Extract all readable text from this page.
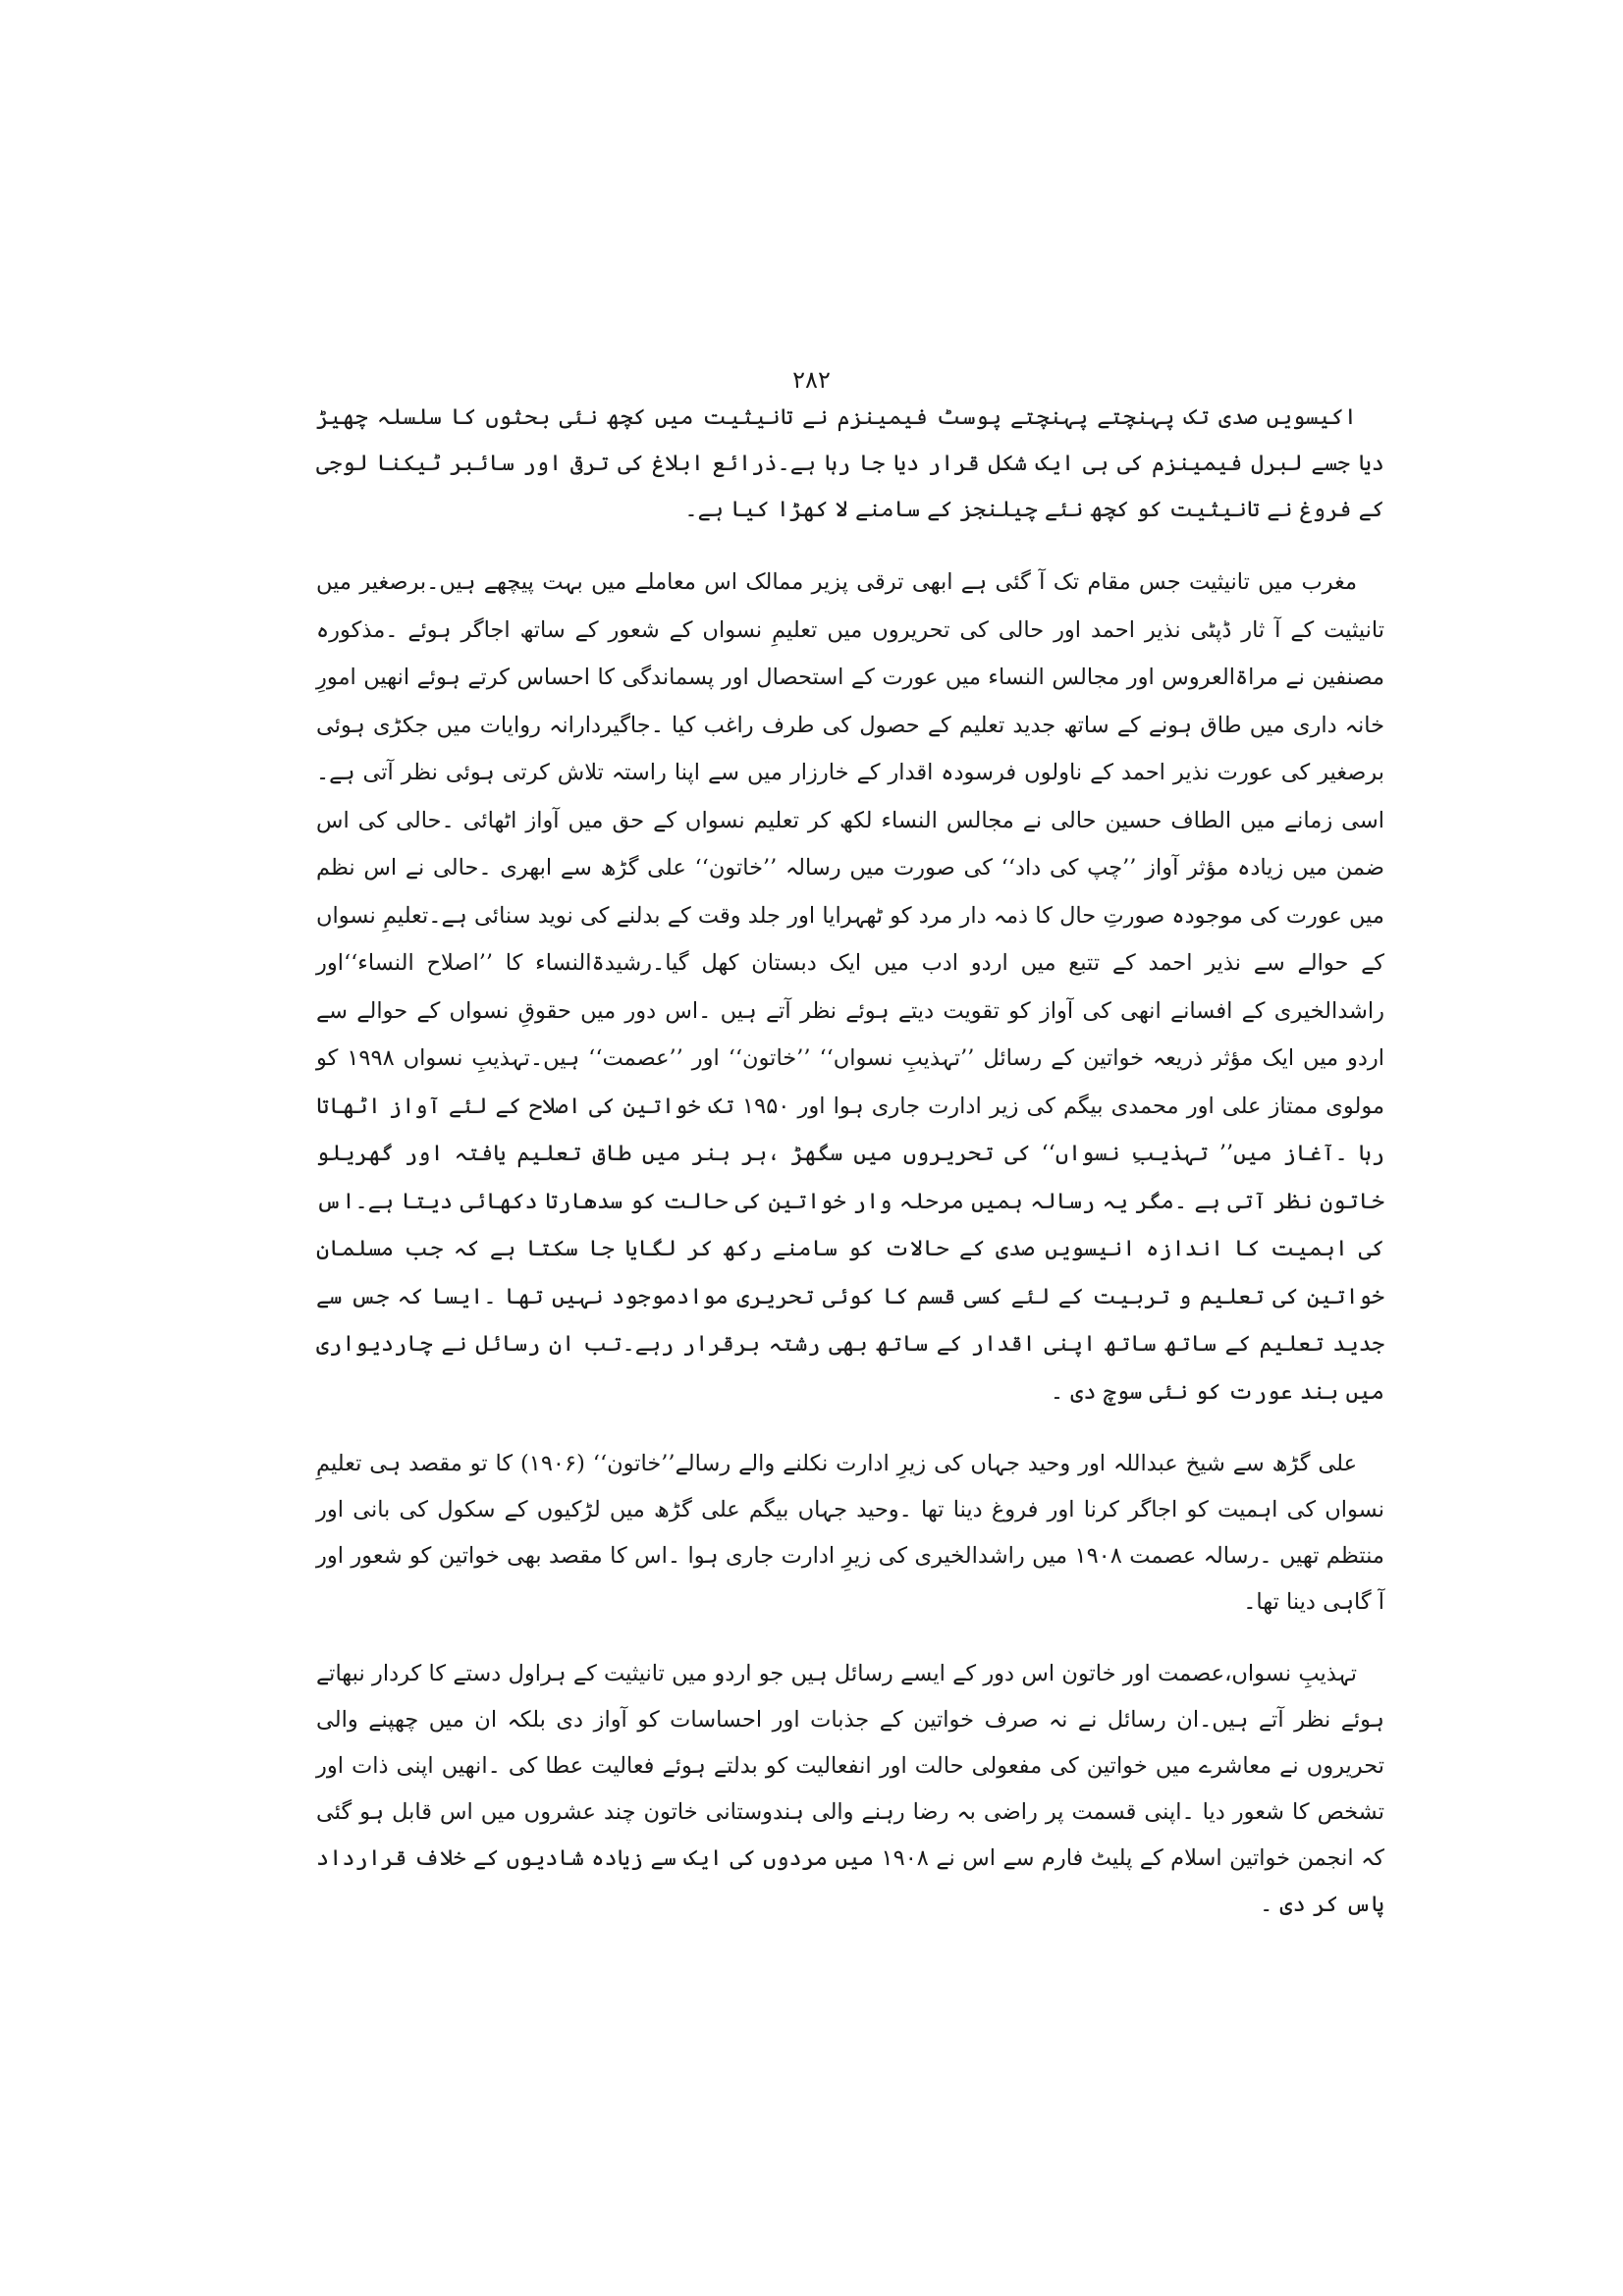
۲۸۲

اکیسویں صدی تک پہنچتے پہنچتے پوسٹ فیمینزم نے تانیثیت میں کچھ نئی بحثوں کا سلسلہ چھیڑ دیا جسے لبرل فیمینزم کی ہی ایک شکل قرار دیا جا رہا ہے۔ذرائع ابلاغ کی ترقی اور سائبر ٹیکنا لوجی کے فروغ نے تانیثیت کو کچھ نئے چیلنجز کے سامنے لا کھڑا کیا ہے۔

مغرب میں تانیثیت جس مقام تک آ گئی ہے ابھی ترقی پزیر ممالک اس معاملے میں بہت پیچھے ہیں۔برصغیر میں تانیثیت کے آ ثار ڈپٹی نذیر احمد اور حالی کی تحریروں میں تعلیمِ نسواں کے شعور کے ساتھ اجاگر ہوئے ۔مذکورہ مصنفین نے مراۃالعروس اور مجالس النساء میں عورت کے استحصال اور پسماندگی کا احساس کرتے ہوئے انھیں امورِ خانہ داری میں طاق ہونے کے ساتھ جدید تعلیم کے حصول کی طرف راغب کیا ۔جاگیردارانہ روایات میں جکڑی ہوئی برصغیر کی عورت نذیر احمد کے ناولوں فرسودہ اقدار کے خارزار میں سے اپنا راستہ تلاش کرتی ہوئی نظر آتی ہے۔اسی زمانے میں الطاف حسین حالی نے مجالس النساء لکھ کر تعلیم نسواں کے حق میں آواز اٹھائی ۔حالی کی اس ضمن میں زیادہ مؤثر آواز ’’چپ کی داد‘‘ کی صورت میں رسالہ ’’خاتون‘‘ علی گڑھ سے ابھری ۔حالی نے اس نظم میں عورت کی موجودہ صورتِ حال کا ذمہ دار مرد کو ٹھہرایا اور جلد وقت کے بدلنے کی نوید سنائی ہے۔تعلیمِ نسواں کے حوالے سے نذیر احمد کے تتبع میں اردو ادب میں ایک دبستان کھل گیا۔رشیدۃالنساء کا ’’اصلاح النساء‘‘اور راشدالخیری کے افسانے انھی کی آواز کو تقویت دیتے ہوئے نظر آتے ہیں ۔اس دور میں حقوقِ نسواں کے حوالے سے اردو میں ایک مؤثر ذریعہ خواتین کے رسائل ’’تہذیبِ نسواں‘‘ ’’خاتون‘‘ اور ’’عصمت‘‘ ہیں۔تہذیبِ نسواں ۱۹۹۸ کو مولوی ممتاز علی اور محمدی بیگم کی زیر ادارت جاری ہوا اور ۱۹۵۰ تک خواتین کی اصلاح کے لئے آواز اٹھاتا رہا ۔آغاز میں’’ تہذیبِ نسواں‘‘ کی تحریروں میں سگھڑ ،ہر ہنر میں طاق تعلیم یافتہ اور گھریلو خاتون نظر آتی ہے ۔مگر یہ رسالہ ہمیں مرحلہ وار خواتین کی حالت کو سدھارتا دکھائی دیتا ہے۔اس کی اہمیت کا اندازہ انیسویں صدی کے حالات کو سامنے رکھ کر لگایا جا سکتا ہے کہ جب مسلمان خواتین کی تعلیم و تربیت کے لئے کسی قسم کا کوئی تحریری موادموجود نہیں تھا ۔ایسا کہ جس سے جدید تعلیم کے ساتھ ساتھ اپنی اقدار کے ساتھ بھی رشتہ برقرار رہے۔تب ان رسائل نے چاردیواری میں بند عورت کو نئی سوچ دی ۔

علی گڑھ سے شیخ عبداللہ اور وحید جہاں کی زیرِ ادارت نکلنے والے رسالے’’خاتون‘‘ (۱۹۰۶) کا تو مقصد ہی تعلیمِ نسواں کی اہمیت کو اجاگر کرنا اور فروغ دینا تھا ۔وحید جہاں بیگم علی گڑھ میں لڑکیوں کے سکول کی بانی اور منتظم تھیں ۔رسالہ عصمت ۱۹۰۸ میں راشدالخیری کی زیرِ ادارت جاری ہوا ۔اس کا مقصد بھی خواتین کو شعور اور آ گاہی دینا تھا۔

تہذیبِ نسواں،عصمت اور خاتون اس دور کے ایسے رسائل ہیں جو اردو میں تانیثیت کے ہراول دستے کا کردار نبھاتے ہوئے نظر آتے ہیں۔ان رسائل نے نہ صرف خواتین کے جذبات اور احساسات کو آواز دی بلکہ ان میں چھپنے والی تحریروں نے معاشرے میں خواتین کی مفعولی حالت اور انفعالیت کو بدلتے ہوئے فعالیت عطا کی ۔انھیں اپنی ذات اور تشخص کا شعور دیا ۔اپنی قسمت پر راضی بہ رضا رہنے والی ہندوستانی خاتون چند عشروں میں اس قابل ہو گئی کہ انجمن خواتین اسلام کے پلیٹ فارم سے اس نے ۱۹۰۸ میں مردوں کی ایک سے زیادہ شادیوں کے خلاف قرارداد پاس کر دی ۔
